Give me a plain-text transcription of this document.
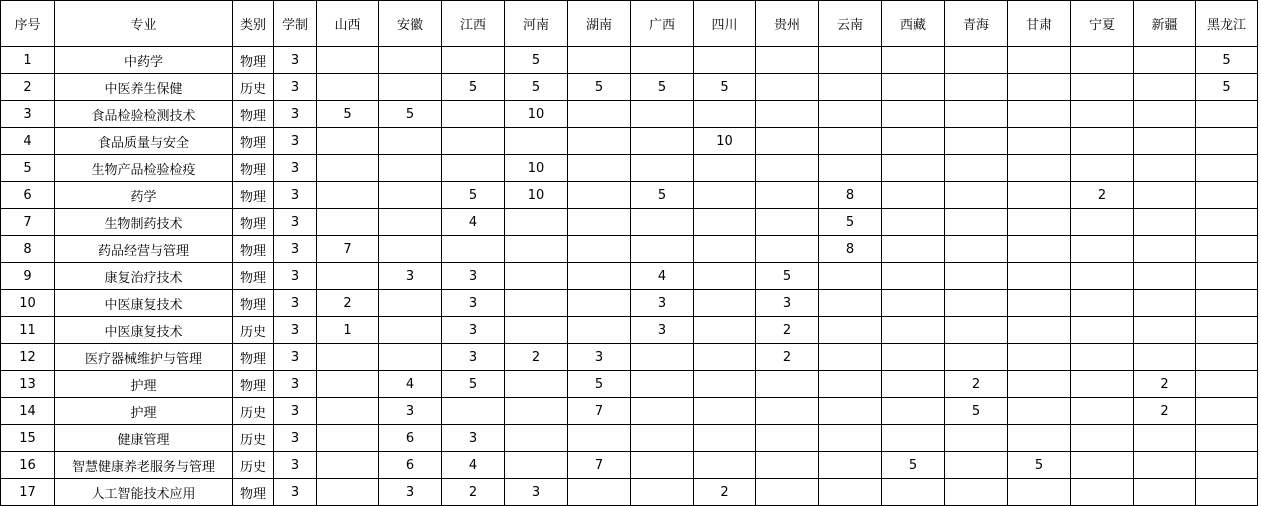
序号	专业	类别	学制	山西	安徽	江西	河南	湖南	广西	四川	贵州	云南	西藏	青海	甘肃	宁夏	新疆	黑龙江
1	中药学	物理	3				5											5
2	中医养生保健	历史	3			5	5	5	5	5								5
3	食品检验检测技术	物理	3	5	5		10											
4	食品质量与安全	物理	3							10								
5	生物产品检验检疫	物理	3				10											
6	药学	物理	3			5	10		5			8				2		
7	生物制药技术	物理	3			4						5						
8	药品经营与管理	物理	3	7								8						
9	康复治疗技术	物理	3		3	3			4		5							
10	中医康复技术	物理	3	2		3			3		3							
11	中医康复技术	历史	3	1		3			3		2							
12	医疗器械维护与管理	物理	3			3	2	3			2							
13	护理	物理	3		4	5		5						2			2	
14	护理	历史	3		3			7						5			2	
15	健康管理	历史	3		6	3												
16	智慧健康养老服务与管理	历史	3		6	4		7					5		5			
17	人工智能技术应用	物理	3		3	2	3			2								
